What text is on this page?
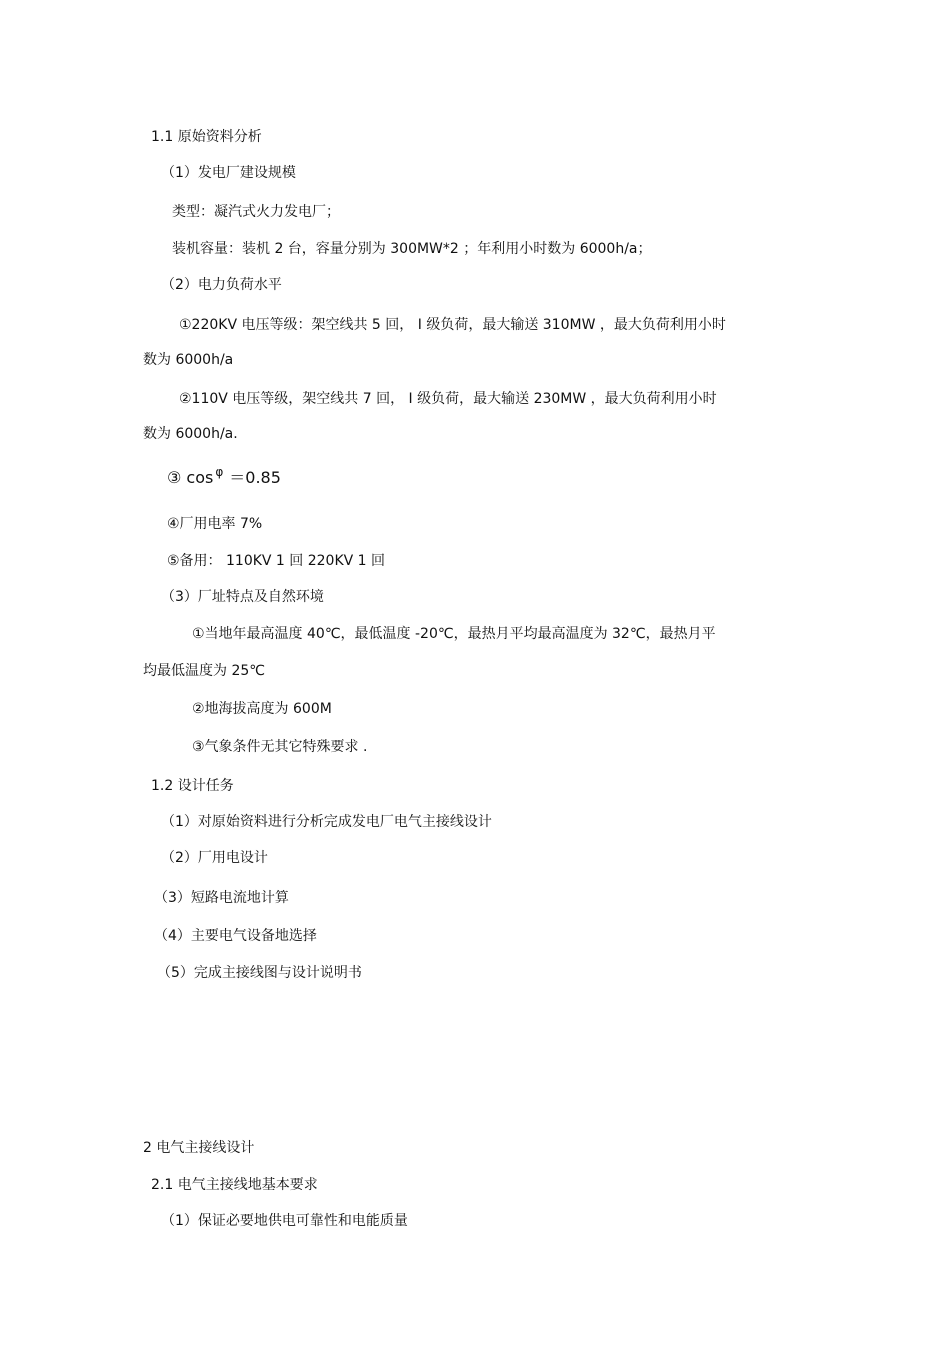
1.1 原始资料分析
（1）发电厂建设规模
类型：凝汽式火力发电厂；
装机容量：装机 2 台，容量分别为 300MW*2 ；年利用小时数为 6000h/a；
（2）电力负荷水平
①220KV 电压等级：架空线共 5 回， I 级负荷，最大输送 310MW ，最大负荷利用小时
数为 6000h/a
②110V 电压等级，架空线共 7 回， I 级负荷，最大输送 230MW ，最大负荷利用小时
数为 6000h/a.
③ cos $^\varphi$ ＝0.85
④厂用电率 7%
⑤备用： 110KV 1 回 220KV 1 回
（3）厂址特点及自然环境
①当地年最高温度 40℃，最低温度 -20℃，最热月平均最高温度为 32℃，最热月平
均最低温度为 25℃
②地海拔高度为 600M
③气象条件无其它特殊要求 .
1.2 设计任务
（1）对原始资料进行分析完成发电厂电气主接线设计
（2）厂用电设计
（3）短路电流地计算
（4）主要电气设备地选择
（5）完成主接线图与设计说明书
2 电气主接线设计
2.1 电气主接线地基本要求
（1）保证必要地供电可靠性和电能质量
